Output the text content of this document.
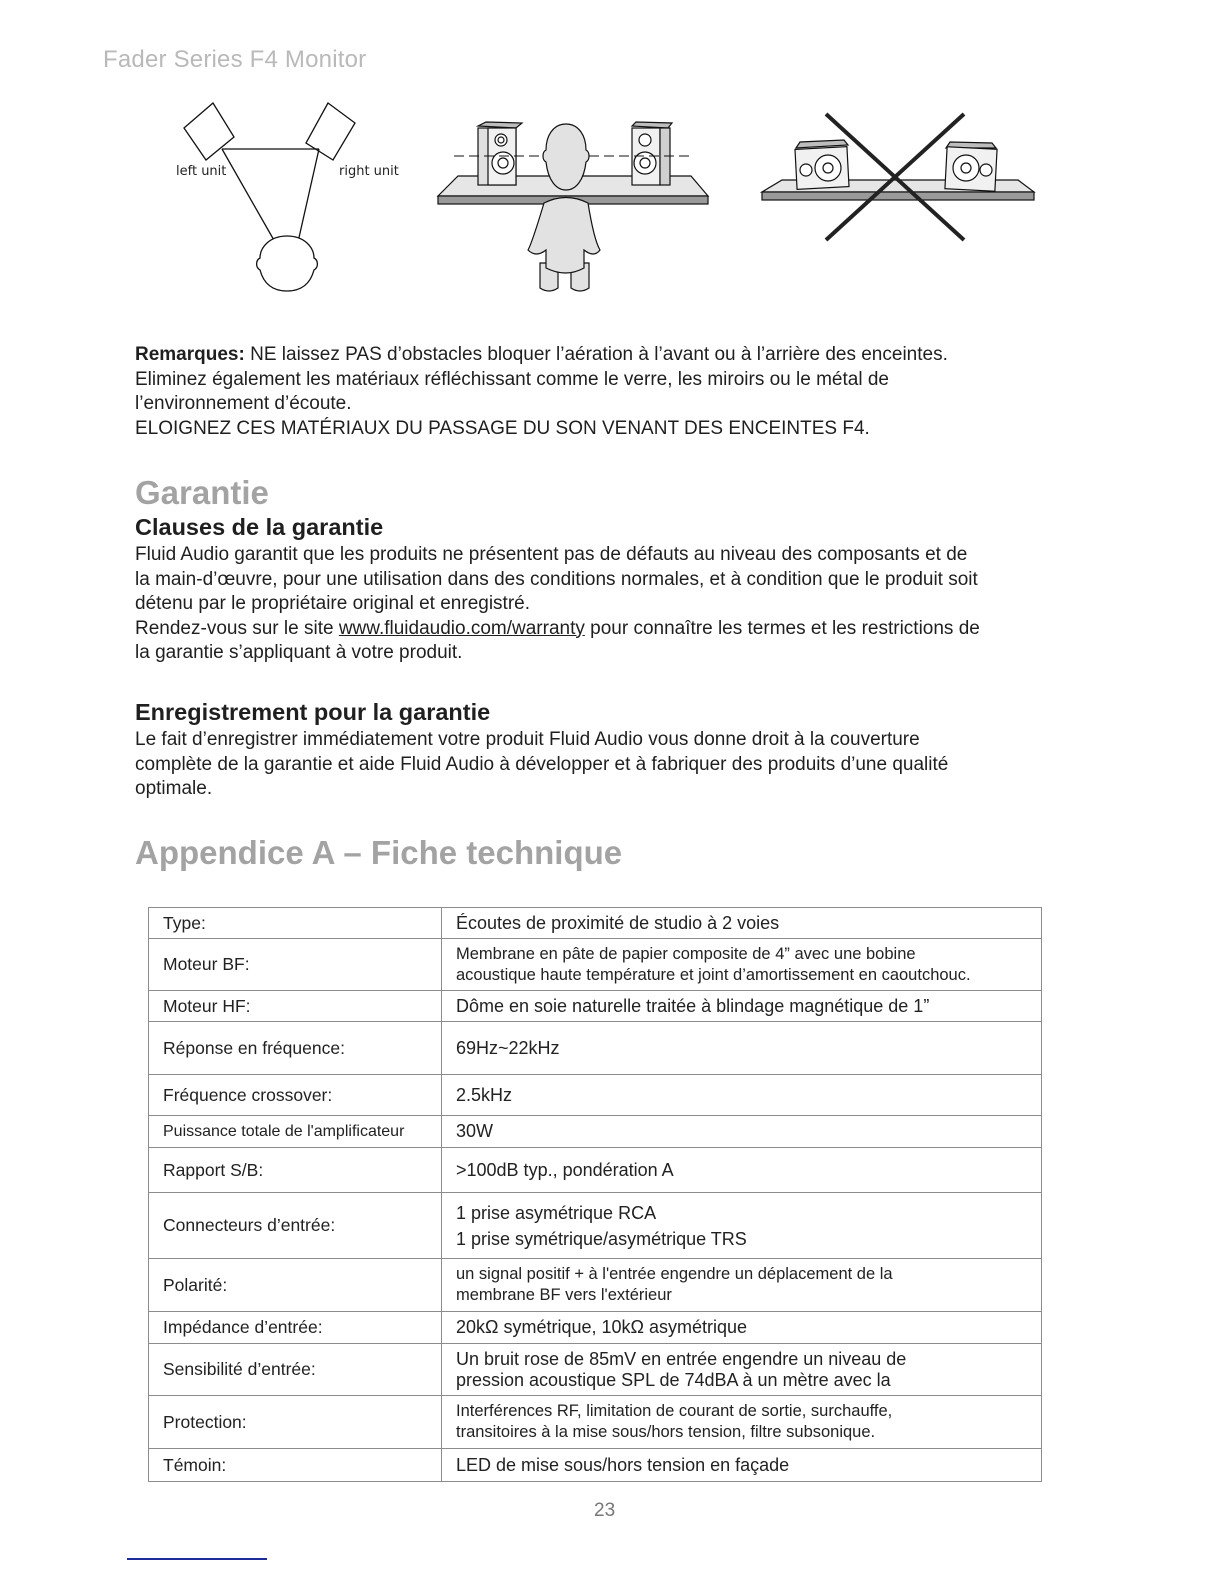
Fader Series F4 Monitor
left unit	right unit
Remarques: NE laissez PAS d’obstacles bloquer l’aération à l’avant ou à l’arrière des enceintes.
Eliminez également les matériaux réfléchissant comme le verre, les miroirs ou le métal de
l’environnement d’écoute.
ELOIGNEZ CES MATÉRIAUX DU PASSAGE DU SON VENANT DES ENCEINTES F4.
Garantie
Clauses de la garantie
Fluid Audio garantit que les produits ne présentent pas de défauts au niveau des composants et de
la main-d’œuvre, pour une utilisation dans des conditions normales, et à condition que le produit soit
détenu par le propriétaire original et enregistré.
Rendez-vous sur le site www.fluidaudio.com/warranty pour connaître les termes et les restrictions de
la garantie s’appliquant à votre produit.
Enregistrement pour la garantie
Le fait d’enregistrer immédiatement votre produit Fluid Audio vous donne droit à la couverture
complète de la garantie et aide Fluid Audio à développer et à fabriquer des produits d’une qualité
optimale.
Appendice A – Fiche technique
Type:	Écoutes de proximité de studio à 2 voies

Moteur BF:	Membrane en pâte de papier composite de 4” avec une bobine
acoustique haute température et joint d’amortissement en caoutchouc.

Moteur HF:	Dôme en soie naturelle traitée à blindage magnétique de 1”

Réponse en fréquence:	69Hz~22kHz

Fréquence crossover:	2.5kHz

Puissance totale de l'amplificateur	30W

Rapport S/B:	>100dB typ., pondération A

Connecteurs d’entrée:	1 prise asymétrique RCA
1 prise symétrique/asymétrique TRS

Polarité:	un signal positif + à l'entrée engendre un déplacement de la
membrane BF vers l'extérieur

Impédance d’entrée:	20kΩ symétrique, 10kΩ asymétrique

Sensibilité d’entrée:	Un bruit rose de 85mV en entrée engendre un niveau de
pression acoustique SPL de 74dBA à un mètre avec la

Protection:	Interférences RF, limitation de courant de sortie, surchauffe,
transitoires à la mise sous/hors tension, filtre subsonique.

Témoin:	LED de mise sous/hors tension en façade
23
